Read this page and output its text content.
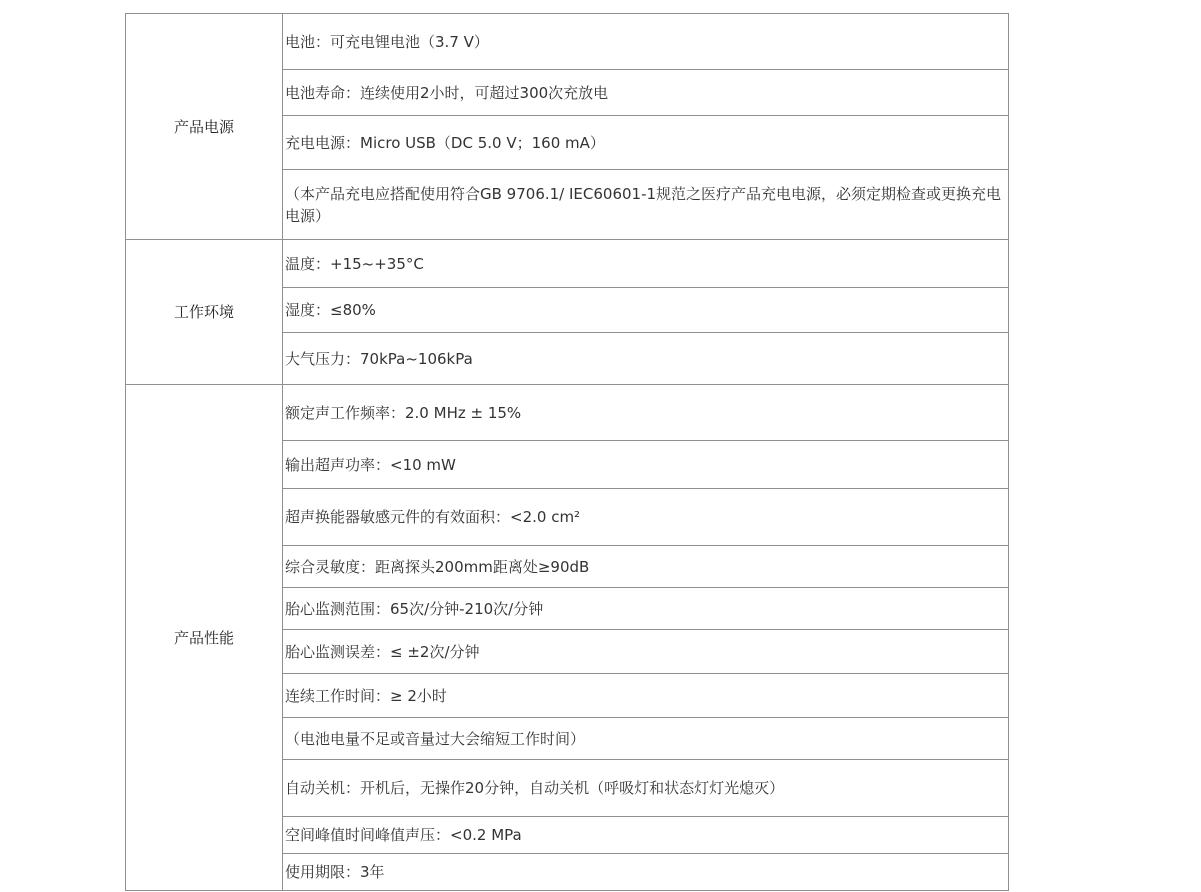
产品电源	电池：可充电锂电池（3.7 V）
	电池寿命：连续使用2小时，可超过300次充放电
	充电电源：Micro USB（DC 5.0 V；160 mA）
	（本产品充电应搭配使用符合GB 9706.1/ IEC60601-1规范之医疗产品充电电源，必须定期检查或更换充电电源）
工作环境	温度：+15~+35°C
	湿度：≤80%
	大气压力：70kPa~106kPa
产品性能	额定声工作频率：2.0 MHz ± 15%
	输出超声功率：<10 mW
	超声换能器敏感元件的有效面积：<2.0 cm²
	综合灵敏度：距离探头200mm距离处≥90dB
	胎心监测范围：65次/分钟-210次/分钟
	胎心监测误差：≤ ±2次/分钟
	连续工作时间：≥ 2小时
	（电池电量不足或音量过大会缩短工作时间）
	自动关机：开机后，无操作20分钟，自动关机（呼吸灯和状态灯灯光熄灭）
	空间峰值时间峰值声压：<0.2 MPa
	使用期限：3年
